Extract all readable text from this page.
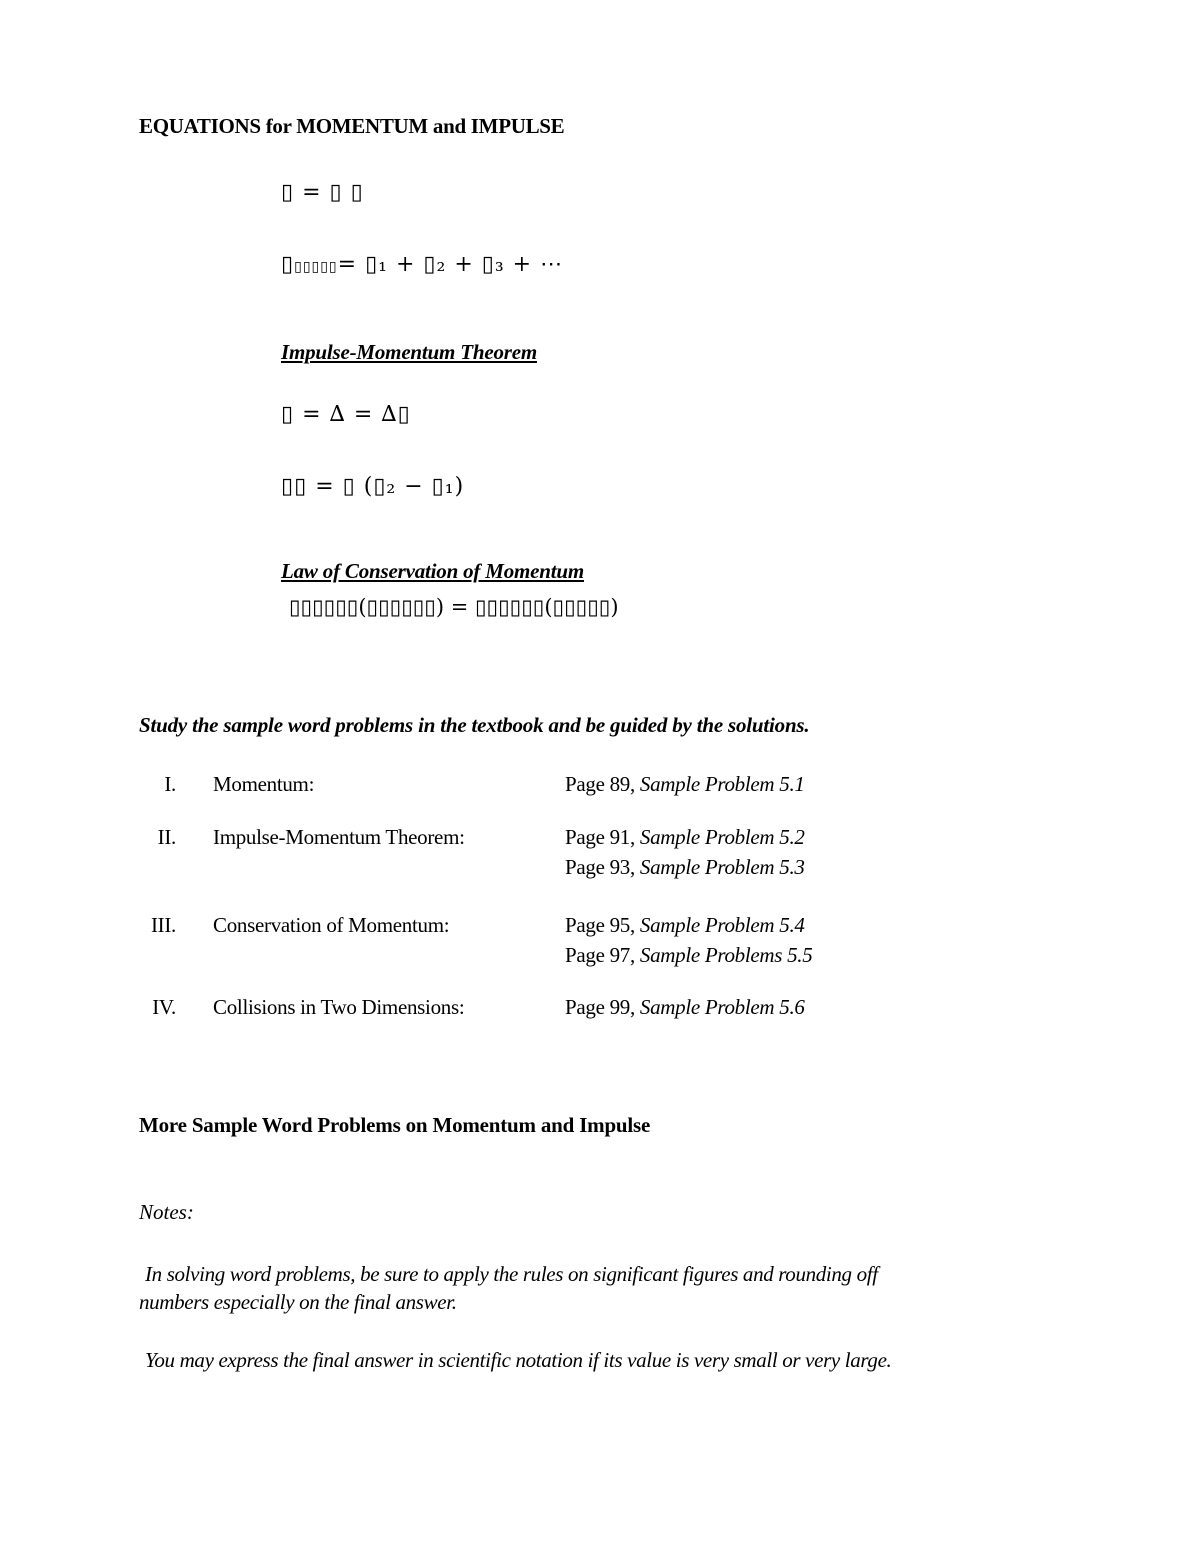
EQUATIONS for MOMENTUM and IMPULSE
▯ = ▯ ▯
▯▯▯▯▯▯= ▯₁ + ▯₂ + ▯₃ + ⋯
Impulse-Momentum Theorem
▯ = ∆ = ∆▯
▯▯ = ▯ (▯₂ − ▯₁)
Law of Conservation of Momentum
▯▯▯▯▯▯(▯▯▯▯▯▯) = ▯▯▯▯▯▯(▯▯▯▯▯)
Study the sample word problems in the textbook and be guided by the solutions.
I. Momentum:	Page 89, Sample Problem 5.1
II. Impulse-Momentum Theorem:	Page 91, Sample Problem 5.2
Page 93, Sample Problem 5.3
III. Conservation of Momentum:	Page 95, Sample Problem 5.4
Page 97, Sample Problems 5.5
IV. Collisions in Two Dimensions:	Page 99, Sample Problem 5.6
More Sample Word Problems on Momentum and Impulse
Notes:
In solving word problems, be sure to apply the rules on significant figures and rounding off
numbers especially on the final answer.
You may express the final answer in scientific notation if its value is very small or very large.
